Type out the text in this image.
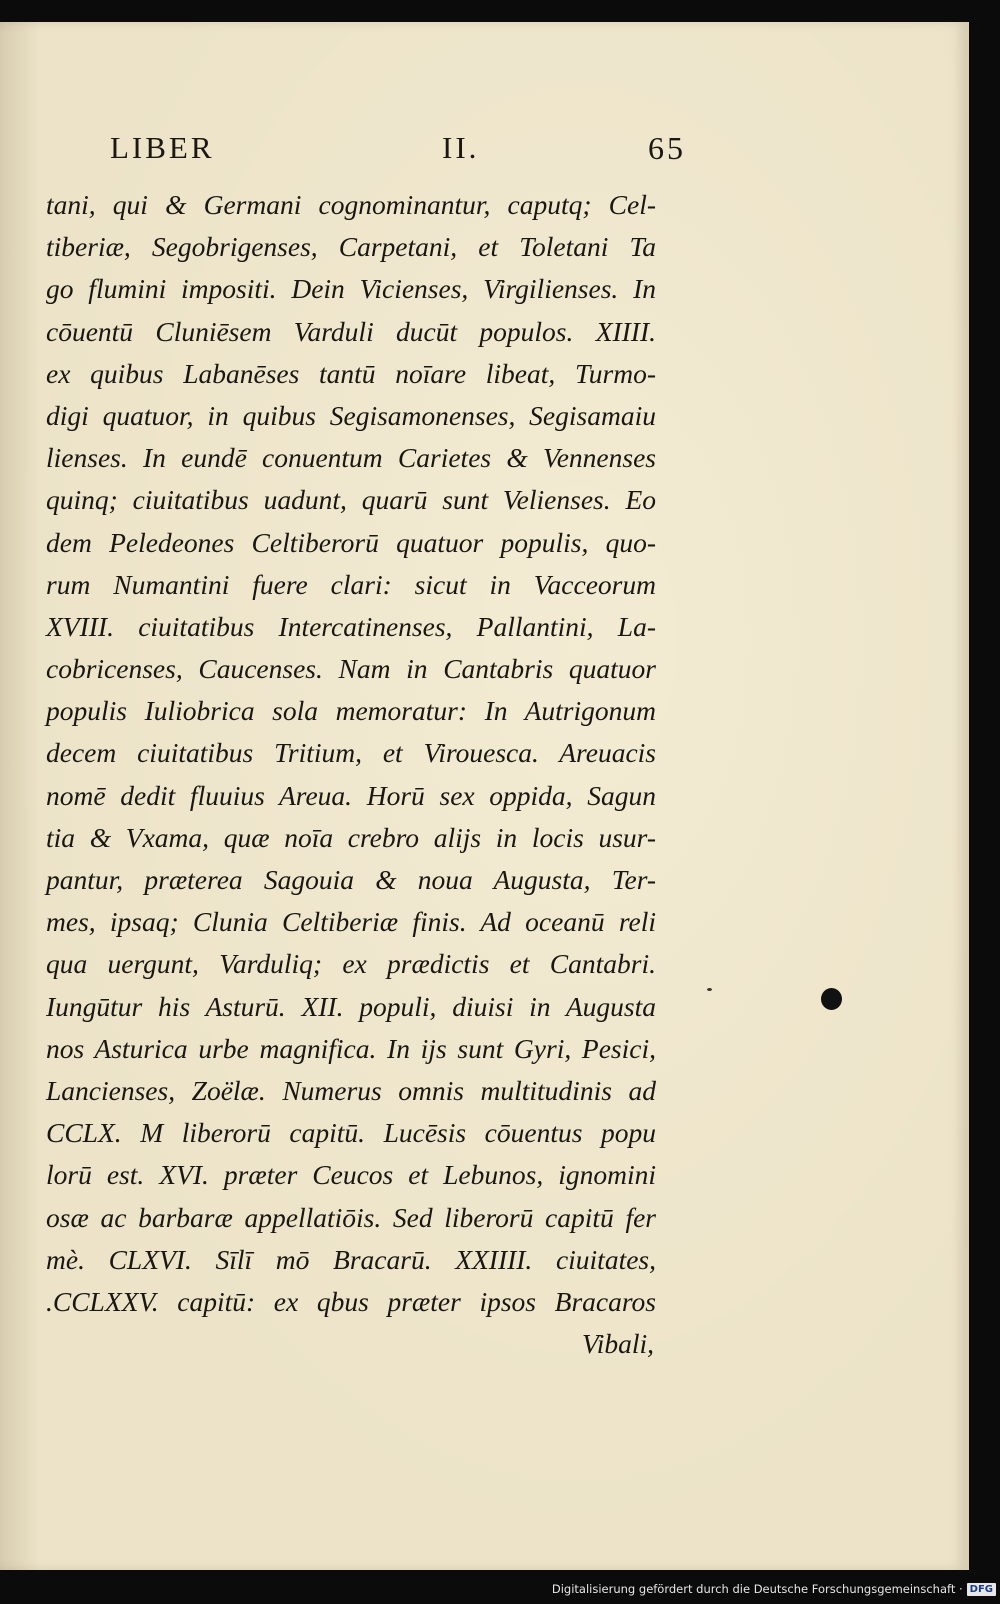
LIBER	II.	65
tani, qui & Germani cognominantur, caputq; Cel-
tiberiæ, Segobrigenses, Carpetani, et Toletani Ta
go flumini impositi. Dein Vicienses, Virgilienses. In
cōuentū Cluniēsem Varduli ducūt populos. XIIII.
ex quibus Labanēses tantū noīare libeat, Turmo-
digi quatuor, in quibus Segisamonenses, Segisamaiu
lienses. In eundē conuentum Carietes & Vennenses
quinq; ciuitatibus uadunt, quarū sunt Velienses. Eo
dem Peledeones Celtiberorū quatuor populis, quo-
rum Numantini fuere clari: sicut in Vacceorum
XVIII. ciuitatibus Intercatinenses, Pallantini, La-
cobricenses, Caucenses. Nam in Cantabris quatuor
populis Iuliobrica sola memoratur: In Autrigonum
decem ciuitatibus Tritium, et Virouesca. Areuacis
nomē dedit fluuius Areua. Horū sex oppida, Sagun
tia & Vxama, quæ noīa crebro alijs in locis usur-
pantur, præterea Sagouia & noua Augusta, Ter-
mes, ipsaq; Clunia Celtiberiæ finis. Ad oceanū reli
qua uergunt, Varduliq; ex prædictis et Cantabri.
Iungūtur his Asturū. XII. populi, diuisi in Augusta
nos Asturica urbe magnifica. In ijs sunt Gyri, Pesici,
Lancienses, Zoëlæ. Numerus omnis multitudinis ad
CCLX. M liberorū capitū. Lucēsis cōuentus popu
lorū est. XVI. præter Ceucos et Lebunos, ignomini
osæ ac barbaræ appellatiōis. Sed liberorū capitū fer
mè. CLXVI. Sīlī mō Bracarū. XXIIII. ciuitates,
.CCLXXV. capitū: ex qbus præter ipsos Bracaros
Vibali,
Digitalisierung gefördert durch die Deutsche Forschungsgemeinschaft · DFG
